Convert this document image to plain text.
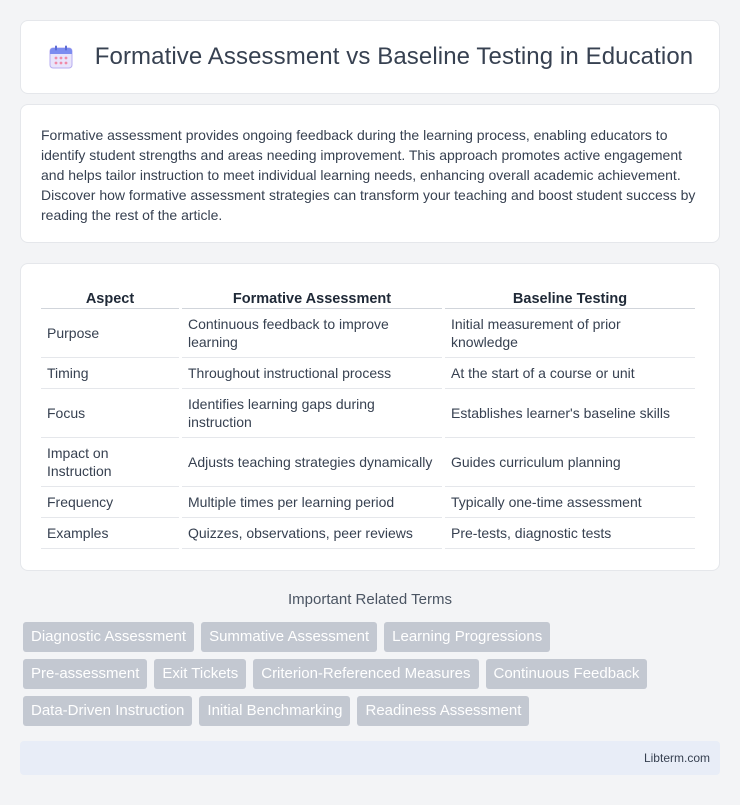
Formative Assessment vs Baseline Testing in Education

Formative assessment provides ongoing feedback during the learning process, enabling educators to identify student strengths and areas needing improvement. This approach promotes active engagement and helps tailor instruction to meet individual learning needs, enhancing overall academic achievement. Discover how formative assessment strategies can transform your teaching and boost student success by reading the rest of the article.

Aspect	Formative Assessment	Baseline Testing
Purpose	Continuous feedback to improve learning	Initial measurement of prior knowledge
Timing	Throughout instructional process	At the start of a course or unit
Focus	Identifies learning gaps during instruction	Establishes learner's baseline skills
Impact on Instruction	Adjusts teaching strategies dynamically	Guides curriculum planning
Frequency	Multiple times per learning period	Typically one-time assessment
Examples	Quizzes, observations, peer reviews	Pre-tests, diagnostic tests
Important Related Terms
Diagnostic Assessment	Summative Assessment	Learning Progressions
Pre-assessment	Exit Tickets	Criterion-Referenced Measures	Continuous Feedback
Data-Driven Instruction	Initial Benchmarking	Readiness Assessment
Libterm.com
